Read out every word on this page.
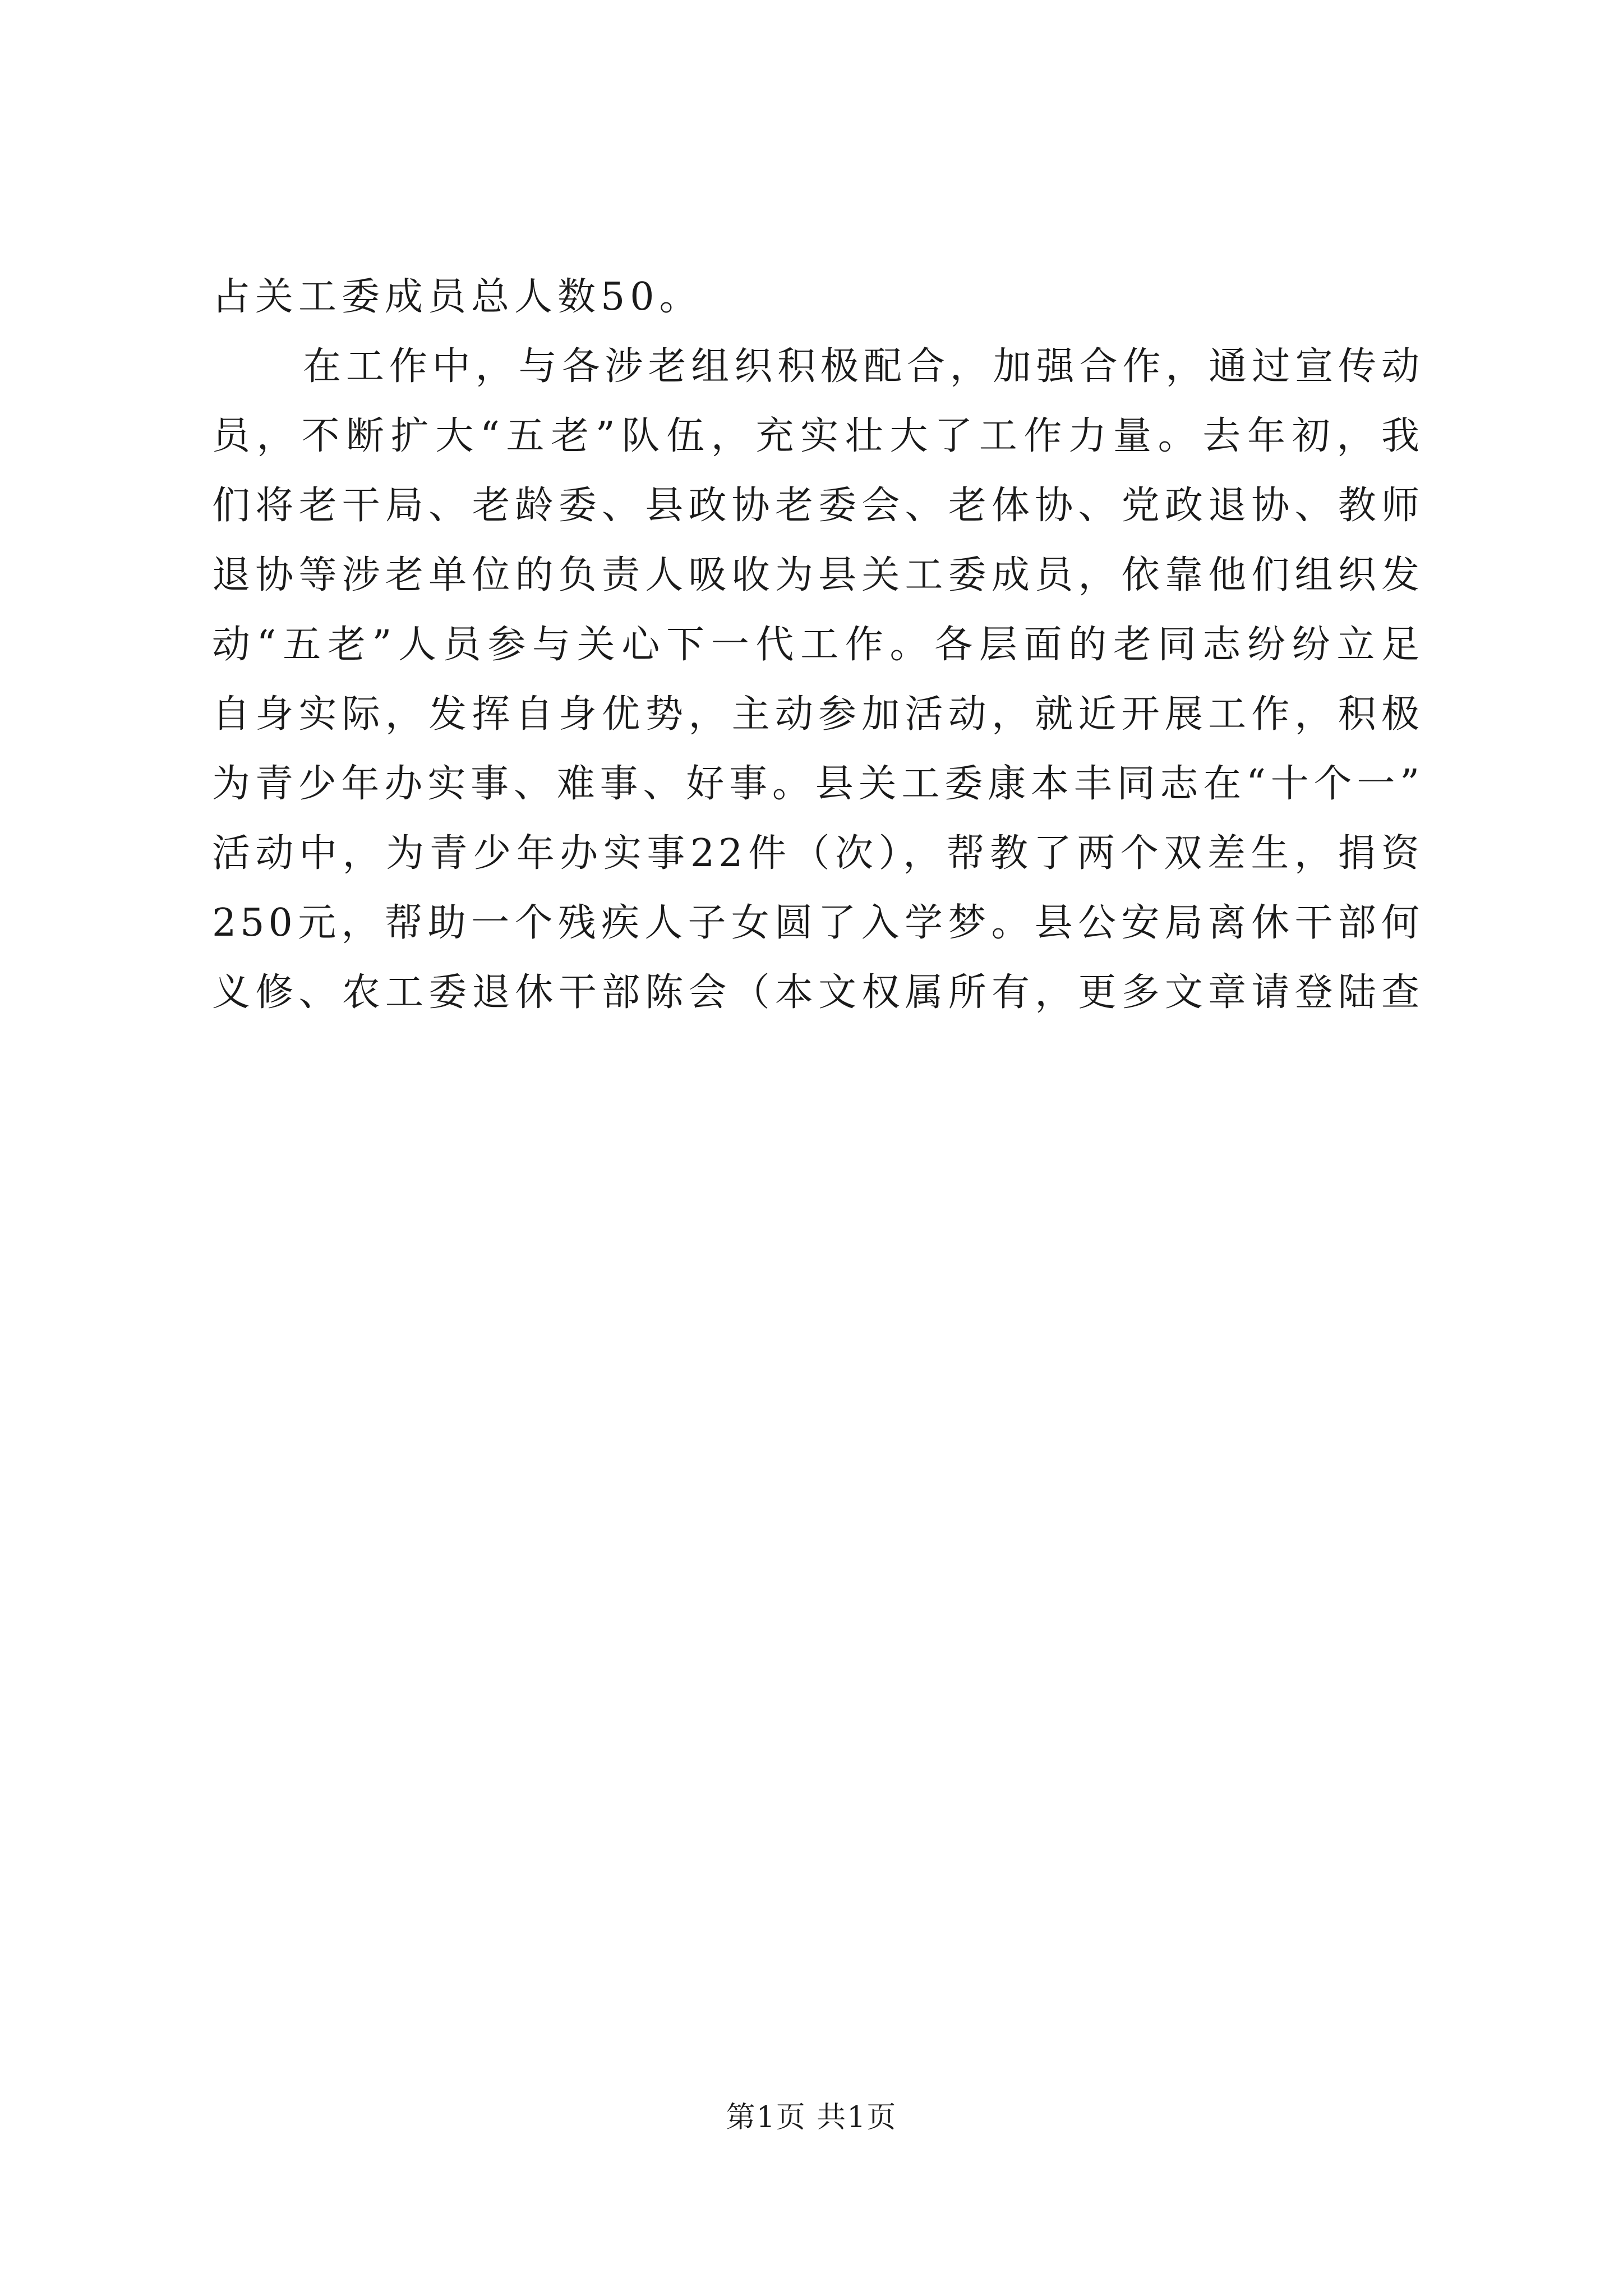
占关工委成员总人数50。
在工作中，与各涉老组织积极配合，加强合作，通过宣传动
员，不断扩大“五老”队伍，充实壮大了工作力量。去年初，我
们将老干局、老龄委、县政协老委会、老体协、党政退协、教师
退协等涉老单位的负责人吸收为县关工委成员，依靠他们组织发
动“五老”人员参与关心下一代工作。各层面的老同志纷纷立足
自身实际，发挥自身优势，主动参加活动，就近开展工作，积极
为青少年办实事、难事、好事。县关工委康本丰同志在“十个一”
活动中，为青少年办实事22件（次），帮教了两个双差生，捐资
250元，帮助一个残疾人子女圆了入学梦。县公安局离休干部何
义修、农工委退休干部陈会（本文权属所有，更多文章请登陆查
第1页 共1页
